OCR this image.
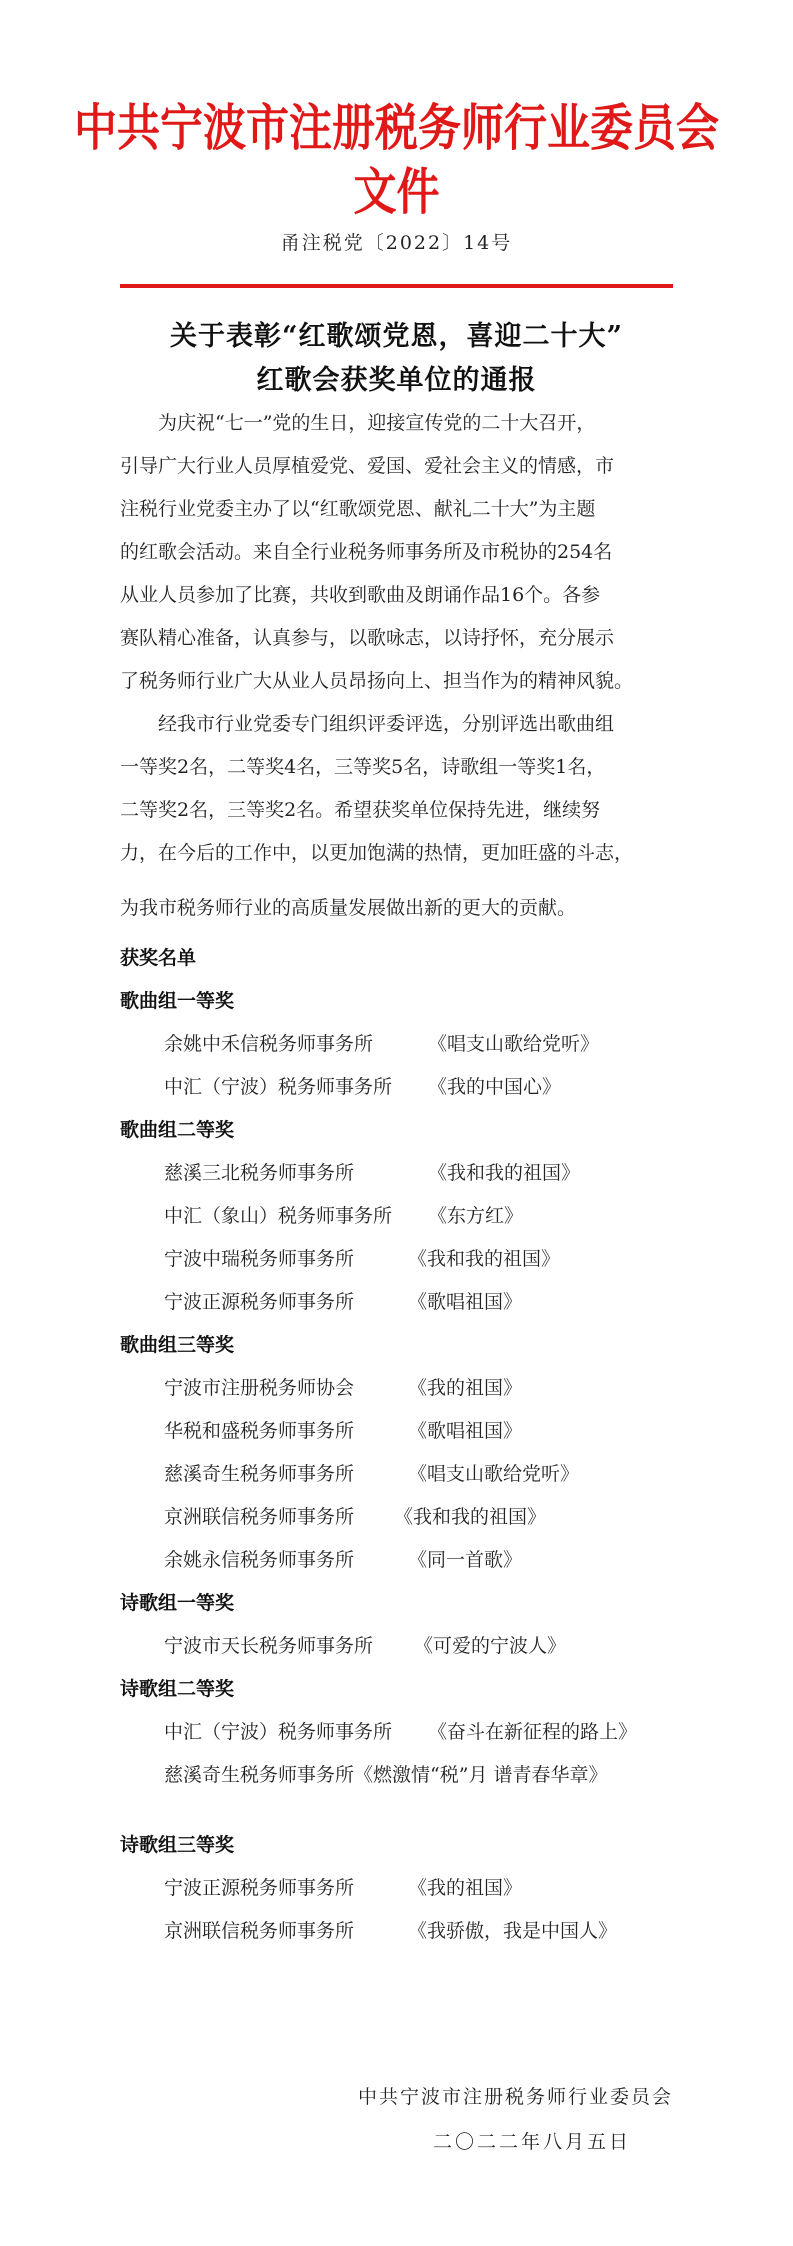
中共宁波市注册税务师行业委员会文件
甬注税党〔2022〕14号
关于表彰“红歌颂党恩，喜迎二十大”
红歌会获奖单位的通报
　　为庆祝“七一”党的生日，迎接宣传党的二十大召开，
引导广大行业人员厚植爱党、爱国、爱社会主义的情感，市
注税行业党委主办了以“红歌颂党恩、献礼二十大”为主题
的红歌会活动。来自全行业税务师事务所及市税协的254名
从业人员参加了比赛，共收到歌曲及朗诵作品16个。各参
赛队精心准备，认真参与，以歌咏志，以诗抒怀，充分展示
了税务师行业广大从业人员昂扬向上、担当作为的精神风貌。
　　经我市行业党委专门组织评委评选，分别评选出歌曲组
一等奖2名，二等奖4名，三等奖5名，诗歌组一等奖1名，
二等奖2名，三等奖2名。希望获奖单位保持先进，继续努
力，在今后的工作中，以更加饱满的热情，更加旺盛的斗志，
为我市税务师行业的高质量发展做出新的更大的贡献。
获奖名单
歌曲组一等奖
余姚中禾信税务师事务所	《唱支山歌给党听》
中汇（宁波）税务师事务所 《我的中国心》
歌曲组二等奖
慈溪三北税务师事务所	《我和我的祖国》
中汇（象山）税务师事务所 《东方红》
宁波中瑞税务师事务所	《我和我的祖国》
宁波正源税务师事务所	《歌唱祖国》
歌曲组三等奖
宁波市注册税务师协会	《我的祖国》
华税和盛税务师事务所	《歌唱祖国》
慈溪奇生税务师事务所	《唱支山歌给党听》
京洲联信税务师事务所 《我和我的祖国》
余姚永信税务师事务所	《同一首歌》
诗歌组一等奖
宁波市天长税务师事务所 《可爱的宁波人》
诗歌组二等奖
中汇（宁波）税务师事务所 《奋斗在新征程的路上》
慈溪奇生税务师事务所《燃激情“税”月 谱青春华章》
诗歌组三等奖
宁波正源税务师事务所	《我的祖国》
京洲联信税务师事务所	《我骄傲，我是中国人》
中共宁波市注册税务师行业委员会
二〇二二年八月五日
